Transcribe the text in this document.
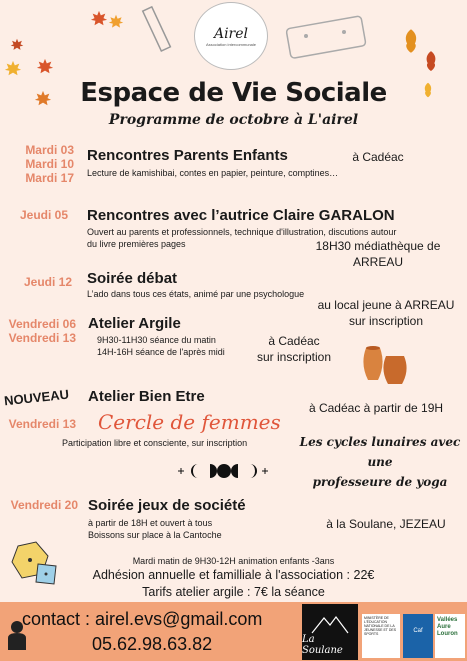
Airel
Association intercommunale
Espace de Vie Sociale
Programme de octobre à L'airel
Mardi 03
Mardi 10
Mardi 17
Rencontres Parents Enfants
Lecture de kamishibai, contes en papier, peinture, comptines…
à Cadéac
Jeudi 05 Rencontres avec l’autrice Claire GARALON
Ouvert au parents et professionnels, technique d'illustration, discutions autour
du livre premières pages	18H30 médiathèque de
ARREAU
Jeudi 12 Soirée débat
L’ado dans tous ces états, animé par une psychologue
au local jeune à ARREAU
sur inscription
Vendredi 06
Vendredi 13
Atelier Argile
9H30-11H30 séance du matin
14H-16H séance de l'après midi
à Cadéac
sur inscription
NOUVEAU
Vendredi 13
Atelier Bien Etre
Cercle de femmes
Participation libre et consciente, sur inscription
à Cadéac à partir de 19H
Les cycles lunaires avec une
professeure de yoga
Vendredi 20 Soirée jeux de société
à partir de 18H et ouvert à tous
Boissons sur place à la Cantoche
à la Soulane, JEZEAU
Mardi matin de 9H30-12H animation enfants -3ans
Adhésion annuelle et familliale à l'association : 22€
Tarifs atelier argile : 7€ la séance
contact : airel.evs@gmail.com
05.62.98.63.82	La Soulane
MINISTÈRE DE L'ÉDUCATION NATIONALE DE LA JEUNESSE ET DES SPORTS	Caf
Vallées Aure Louron
